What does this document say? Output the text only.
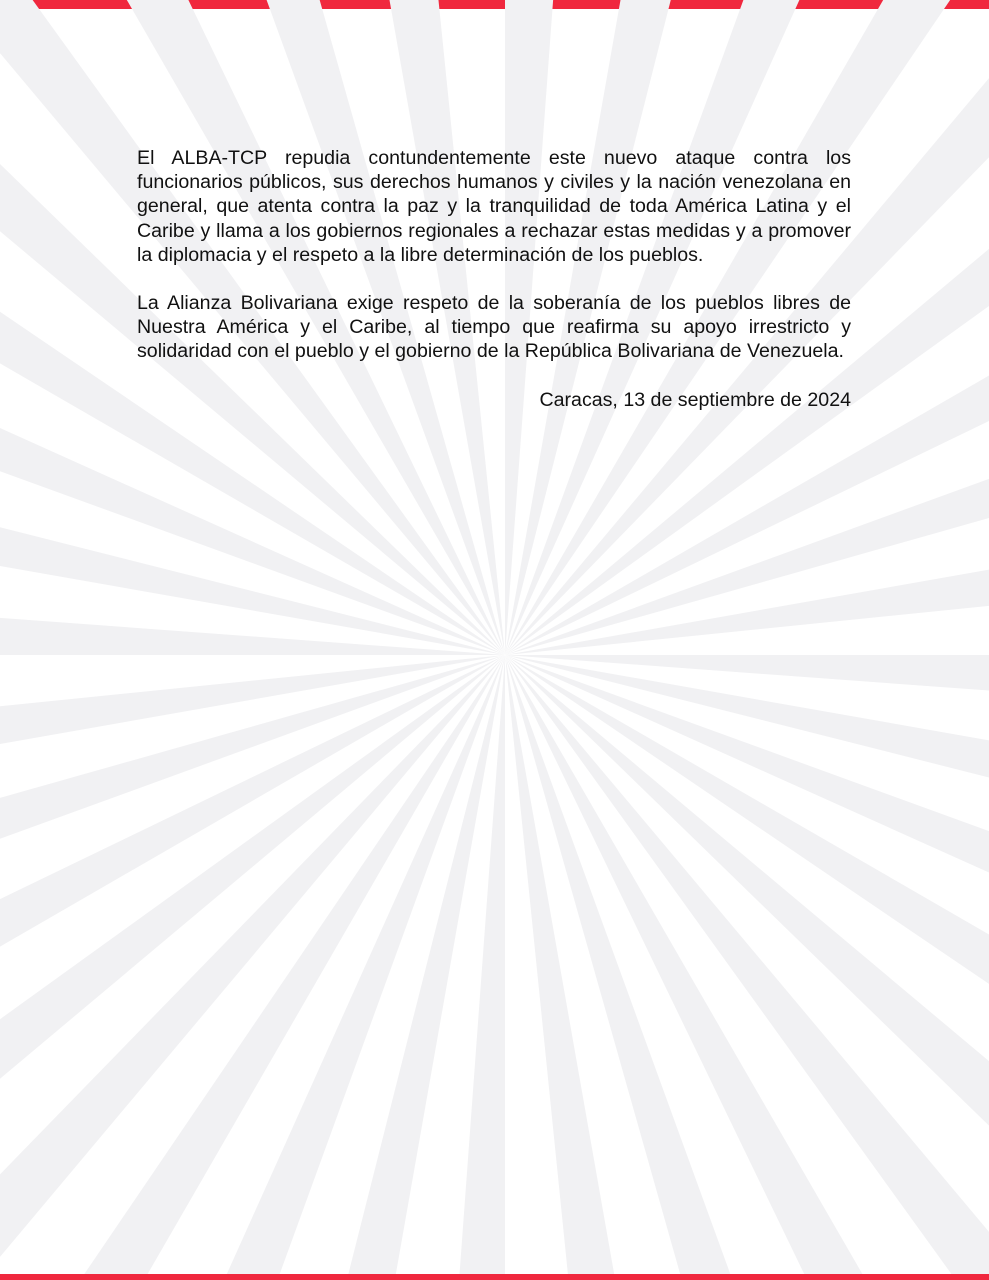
El ALBA-TCP repudia contundentemente este nuevo ataque contra los funcionarios públicos, sus derechos humanos y civiles y la nación venezolana en general, que atenta contra la paz y la tranquilidad de toda América Latina y el Caribe y llama a los gobiernos regionales a rechazar estas medidas y a promover la diplomacia y el respeto a la libre determinación de los pueblos.

La Alianza Bolivariana exige respeto de la soberanía de los pueblos libres de Nuestra América y el Caribe, al tiempo que reafirma su apoyo irrestricto y solidaridad con el pueblo y el gobierno de la República Bolivariana de Venezuela.

Caracas, 13 de septiembre de 2024
